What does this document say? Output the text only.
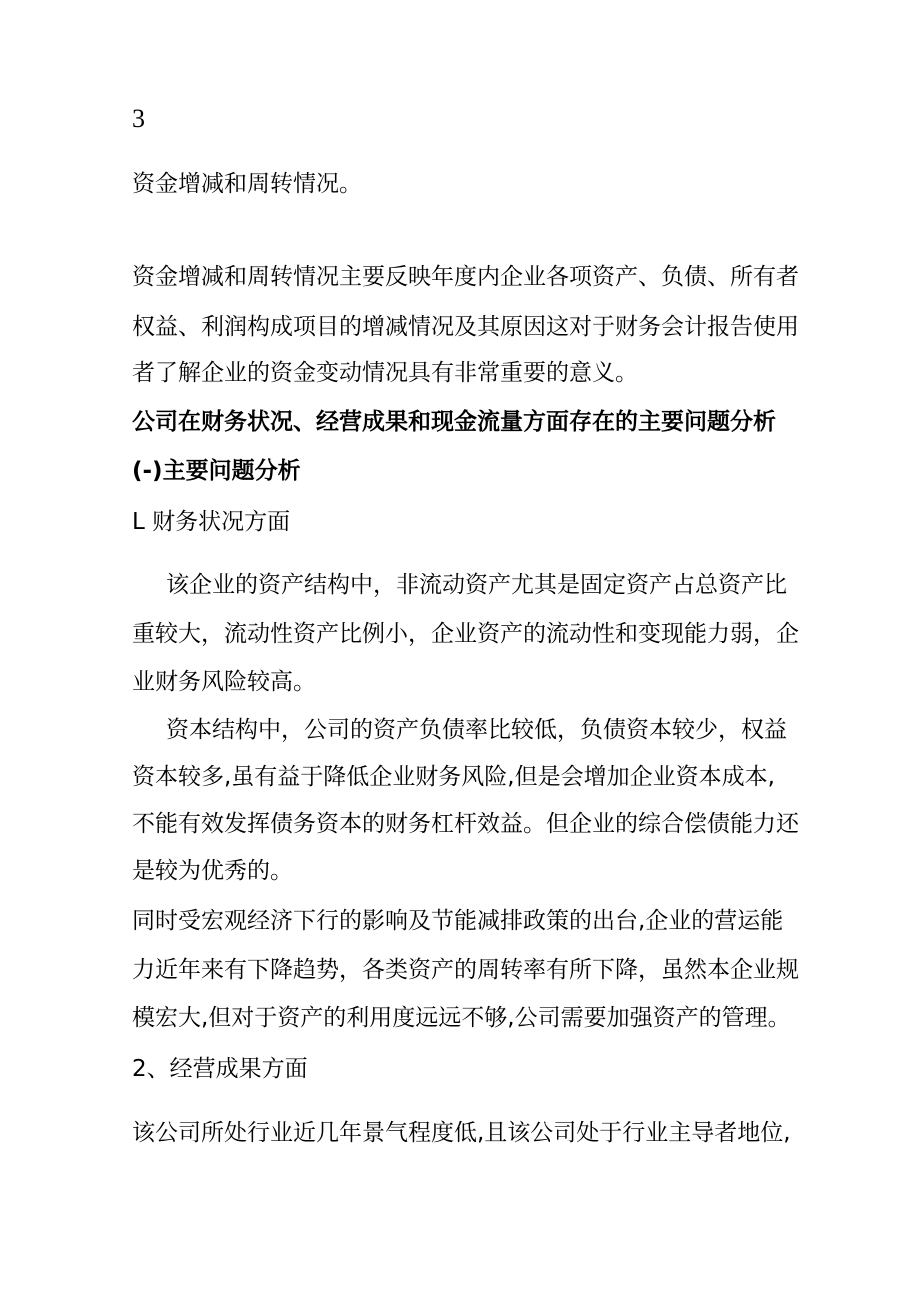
3

资金增减和周转情况。

资金增减和周转情况主要反映年度内企业各项资产、负债、所有者

权益、利润构成项目的增减情况及其原因这对于财务会计报告使用

者了解企业的资金变动情况具有非常重要的意义。

公司在财务状况、经营成果和现金流量方面存在的主要问题分析

(-)主要问题分析

L 财务状况方面

该企业的资产结构中，非流动资产尤其是固定资产占总资产比

重较大，流动性资产比例小，企业资产的流动性和变现能力弱，企

业财务风险较高。

资本结构中，公司的资产负债率比较低，负债资本较少，权益

资本较多,虽有益于降低企业财务风险,但是会增加企业资本成本,

不能有效发挥债务资本的财务杠杆效益。但企业的综合偿债能力还

是较为优秀的。

同时受宏观经济下行的影响及节能减排政策的出台,企业的营运能

力近年来有下降趋势，各类资产的周转率有所下降，虽然本企业规

模宏大,但对于资产的利用度远远不够,公司需要加强资产的管理。

2、经营成果方面

该公司所处行业近几年景气程度低,且该公司处于行业主导者地位,
